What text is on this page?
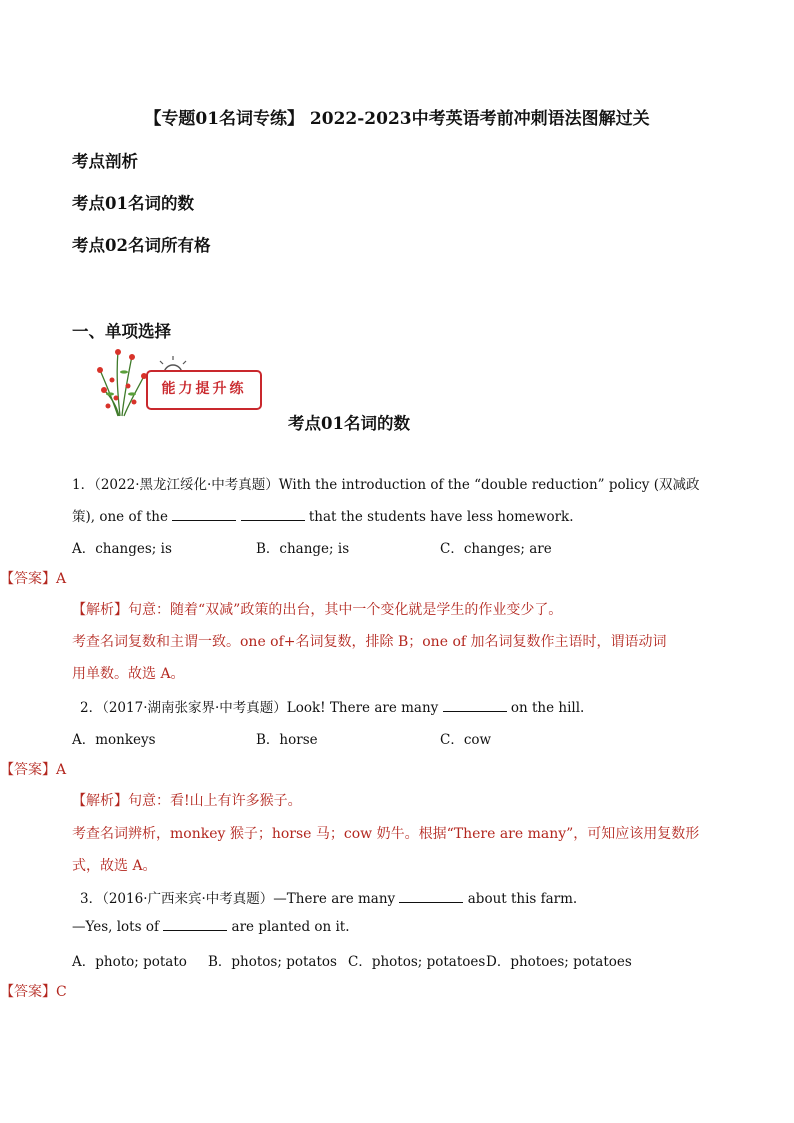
【专题01名词专练】 2022-2023中考英语考前冲刺语法图解过关
考点剖析
考点01名词的数
考点02名词所有格
一、单项选择
能力提升练
考点01名词的数
1．（2022·黑龙江绥化·中考真题）With the introduction of the “double reduction” policy (双减政
策), one of the	that the students have less homework.
A．changes; is	B．change; is	C．changes; are
【答案】A
【解析】句意：随着“双减”政策的出台，其中一个变化就是学生的作业变少了。
考查名词复数和主谓一致。one of+名词复数，排除 B；one of 加名词复数作主语时，谓语动词
用单数。故选 A。
2．（2017·湖南张家界·中考真题）Look! There are many	on the hill.
A．monkeys	B．horse	C．cow
【答案】A
【解析】句意：看!山上有许多猴子。
考查名词辨析，monkey 猴子；horse 马；cow 奶牛。根据“There are many”，可知应该用复数形
式，故选 A。
3．（2016·广西来宾·中考真题）—There are many	about this farm.
—Yes, lots of	are planted on it.
A．photo; potato B．photos; potatos C．photos; potatoes D．photoes; potatoes
【答案】C
